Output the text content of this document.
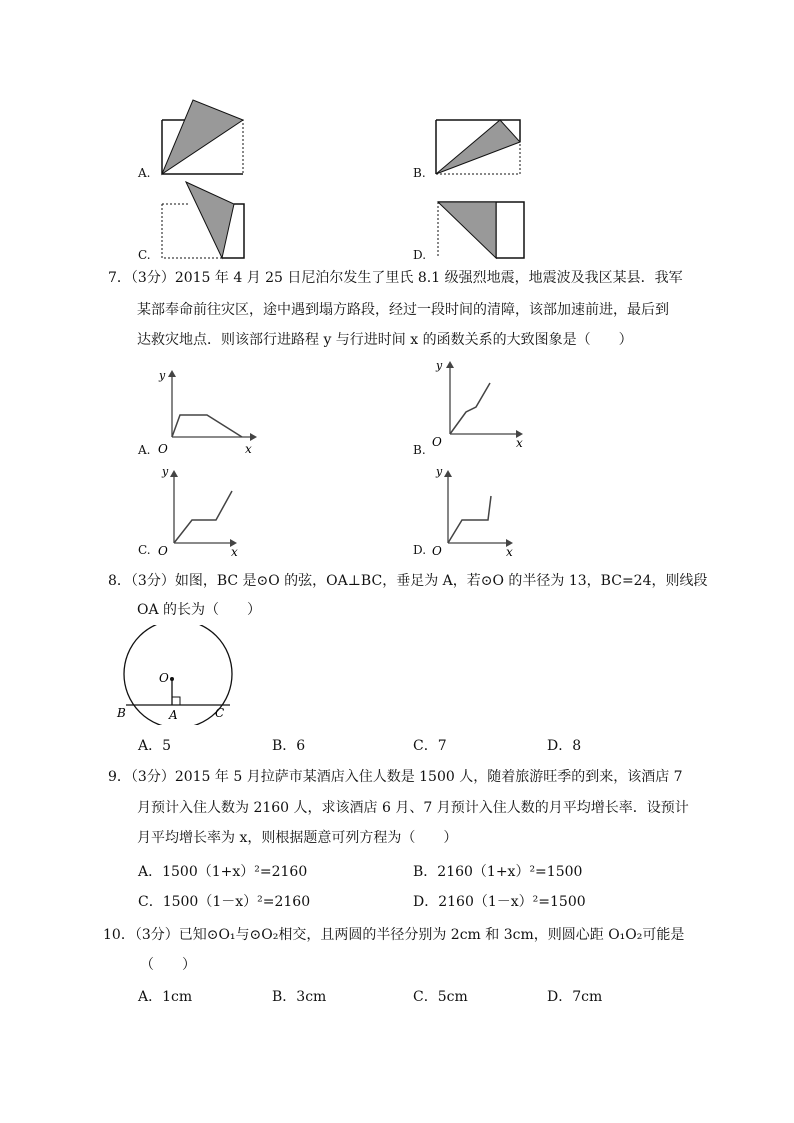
A.	B.
C.	D.
7．（3分）2015 年 4 月 25 日尼泊尔发生了里氏 8.1 级强烈地震，地震波及我区某县．我军
某部奉命前往灾区，途中遇到塌方路段，经过一段时间的清障，该部加速前进，最后到
达救灾地点．则该部行进路程 y 与行进时间 x 的函数关系的大致图象是（　　）
y
x
O
A.
y
x
O
B.
y
x
O
C.
y
x
O
D.
8．（3分）如图，BC 是⊙O 的弦，OA⊥BC，垂足为 A，若⊙O 的半径为 13，BC=24，则线段
OA 的长为（　　）
O
A
B	C
A．5	B．6	C．7	D．8
9．（3分）2015 年 5 月拉萨市某酒店入住人数是 1500 人，随着旅游旺季的到来，该酒店 7
月预计入住人数为 2160 人，求该酒店 6 月、7 月预计入住人数的月平均增长率．设预计
月平均增长率为 x，则根据题意可列方程为（　　）
A．1500（1+x）²=2160	B．2160（1+x）²=1500
C．1500（1－x）²=2160	D．2160（1－x）²=1500
10．（3分）已知⊙O₁与⊙O₂相交，且两圆的半径分别为 2cm 和 3cm，则圆心距 O₁O₂可能是
（　　）
A．1cm	B．3cm	C．5cm	D．7cm
